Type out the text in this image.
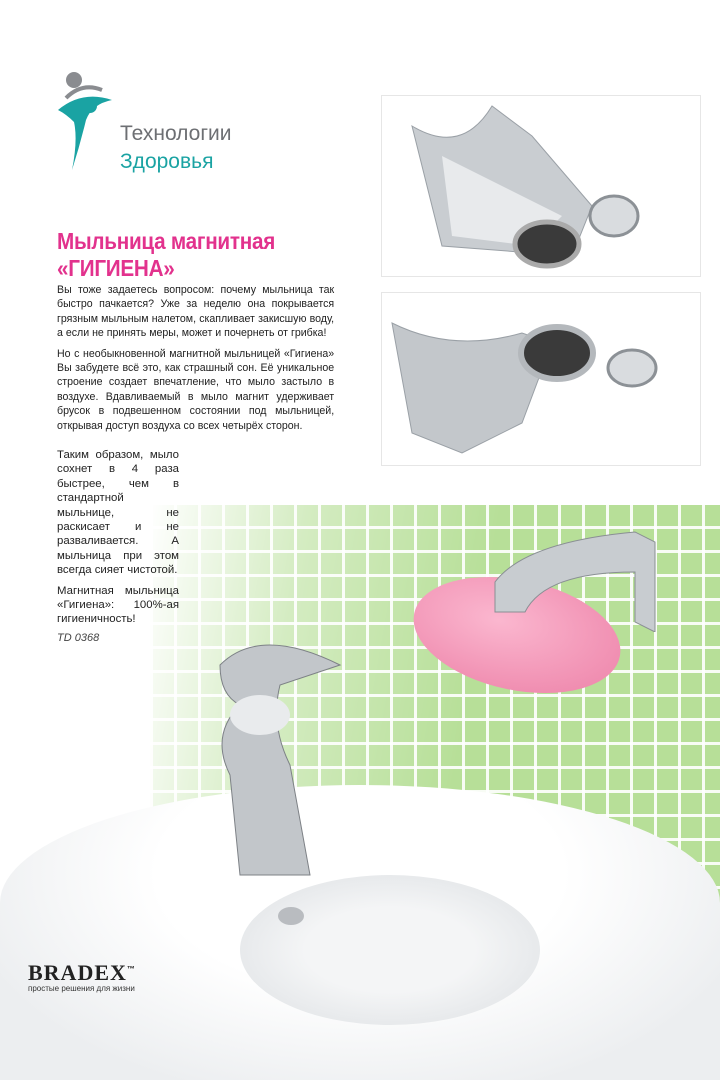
Технологии
Здоровья
Мыльница магнитная
«ГИГИЕНА»

Вы тоже задаетесь вопросом: почему мыльница так быстро пачкается? Уже за неделю она покрывается грязным мыльным налетом, скапливает закисшую воду, а если не принять меры, может и почернеть от грибка!

Но с необыкновенной магнитной мыльницей «Гигиена» Вы забудете всё это, как страшный сон. Её уникальное строение создает впечатление, что мыло застыло в воздухе. Вдавливаемый в мыло магнит удерживает брусок в подвешенном состоянии под мыльницей, открывая доступ воздуха со всех четырёх сторон.

Таким образом, мыло сохнет в 4 раза быстрее, чем в стандартной мыльнице, не раскисает и не разваливается. А мыльница при этом всегда сияет чистотой.

Магнитная мыльница «Гигиена»: 100%-ая гигиеничность!

TD 0368
BRADEX™
простые решения для жизни
